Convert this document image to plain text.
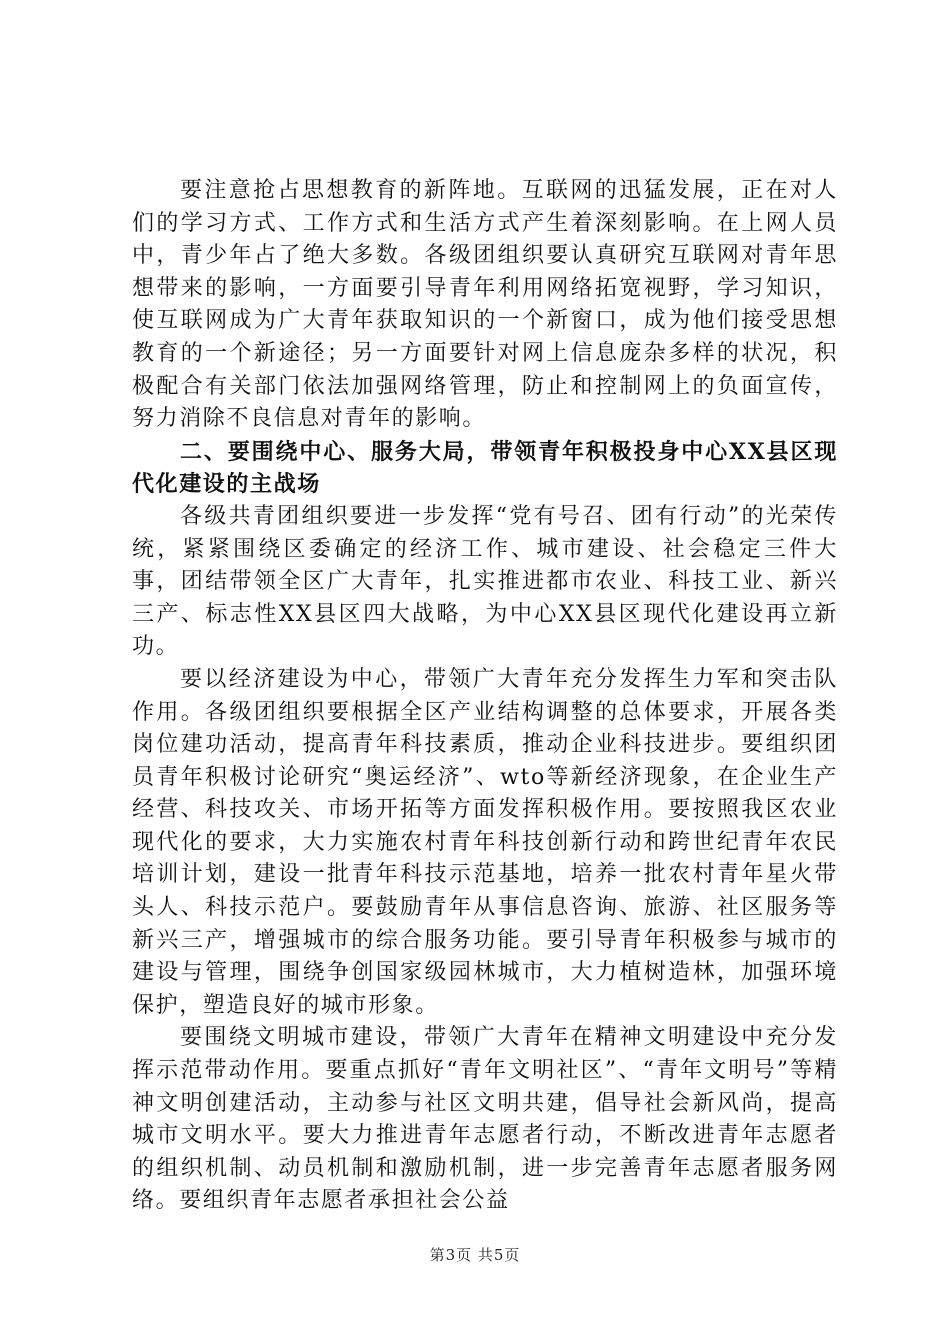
要注意抢占思想教育的新阵地。互联网的迅猛发展，正在对人们的学习方式、工作方式和生活方式产生着深刻影响。在上网人员中，青少年占了绝大多数。各级团组织要认真研究互联网对青年思想带来的影响，一方面要引导青年利用网络拓宽视野，学习知识，使互联网成为广大青年获取知识的一个新窗口，成为他们接受思想教育的一个新途径；另一方面要针对网上信息庞杂多样的状况，积极配合有关部门依法加强网络管理，防止和控制网上的负面宣传，努力消除不良信息对青年的影响。

二、要围绕中心、服务大局，带领青年积极投身中心XX县区现代化建设的主战场

各级共青团组织要进一步发挥“党有号召、团有行动”的光荣传统，紧紧围绕区委确定的经济工作、城市建设、社会稳定三件大事，团结带领全区广大青年，扎实推进都市农业、科技工业、新兴三产、标志性XX县区四大战略，为中心XX县区现代化建设再立新功。

要以经济建设为中心，带领广大青年充分发挥生力军和突击队作用。各级团组织要根据全区产业结构调整的总体要求，开展各类岗位建功活动，提高青年科技素质，推动企业科技进步。要组织团员青年积极讨论研究“奥运经济”、wto等新经济现象，在企业生产经营、科技攻关、市场开拓等方面发挥积极作用。要按照我区农业现代化的要求，大力实施农村青年科技创新行动和跨世纪青年农民培训计划，建设一批青年科技示范基地，培养一批农村青年星火带头人、科技示范户。要鼓励青年从事信息咨询、旅游、社区服务等新兴三产，增强城市的综合服务功能。要引导青年积极参与城市的建设与管理，围绕争创国家级园林城市，大力植树造林，加强环境保护，塑造良好的城市形象。

要围绕文明城市建设，带领广大青年在精神文明建设中充分发挥示范带动作用。要重点抓好“青年文明社区”、“青年文明号”等精神文明创建活动，主动参与社区文明共建，倡导社会新风尚，提高城市文明水平。要大力推进青年志愿者行动，不断改进青年志愿者的组织机制、动员机制和激励机制，进一步完善青年志愿者服务网络。要组织青年志愿者承担社会公益

第3页 共5页
